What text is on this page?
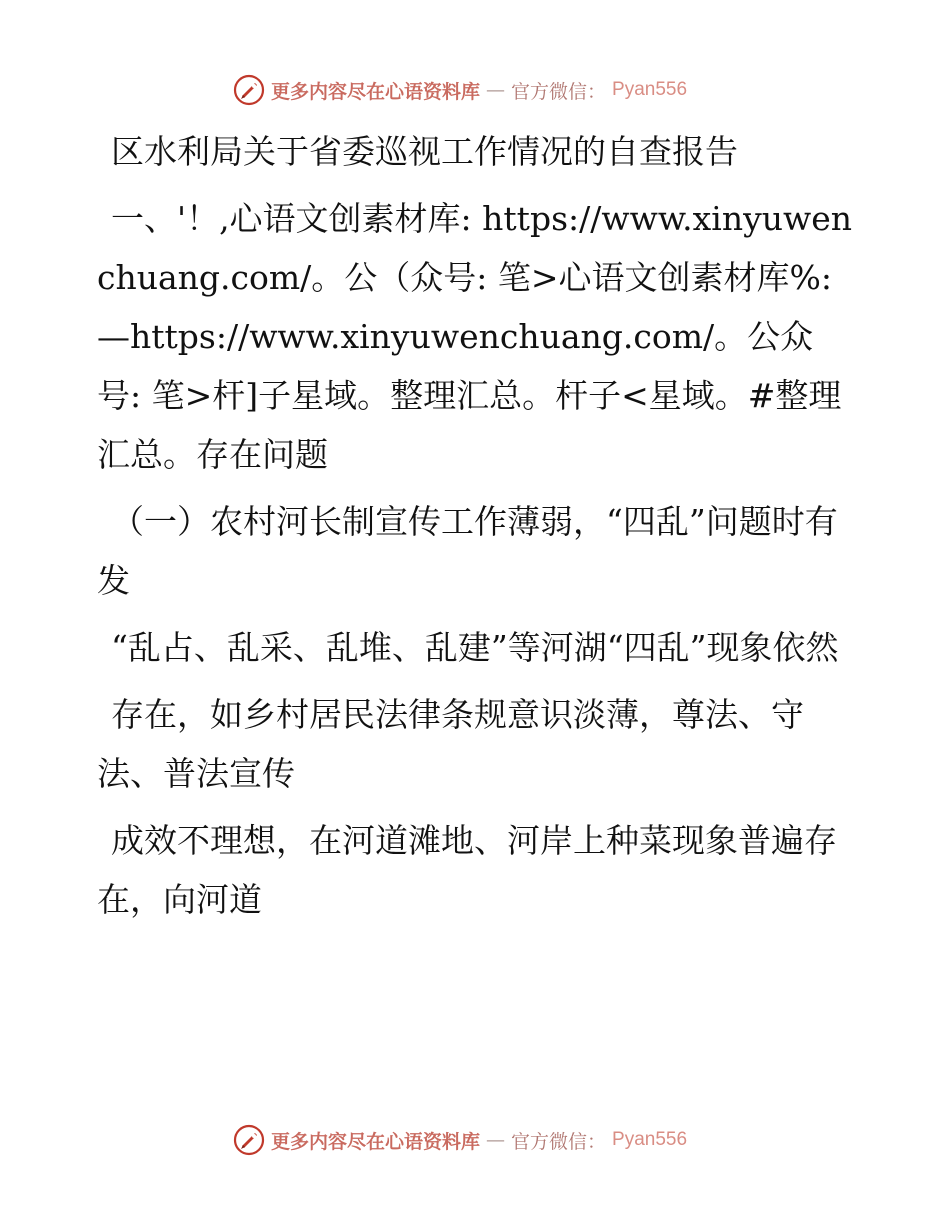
更多内容尽在心语资料库 — 官方微信： Pyan556

区水利局关于省委巡视工作情况的自查报告

一、'！,心语文创素材库: https://www.xinyuwenchuang.com/。公（众号: 笔>心语文创素材库%: —https://www.xinyuwenchuang.com/。公众号: 笔>杆]子星域。整理汇总。杆子<星域。#整理汇总。存在问题

（一）农村河长制宣传工作薄弱，“四乱”问题时有发

“乱占、乱采、乱堆、乱建”等河湖“四乱”现象依然

存在，如乡村居民法律条规意识淡薄，尊法、守法、普法宣传

成效不理想，在河道滩地、河岸上种菜现象普遍存在，向河道

更多内容尽在心语资料库 — 官方微信： Pyan556
